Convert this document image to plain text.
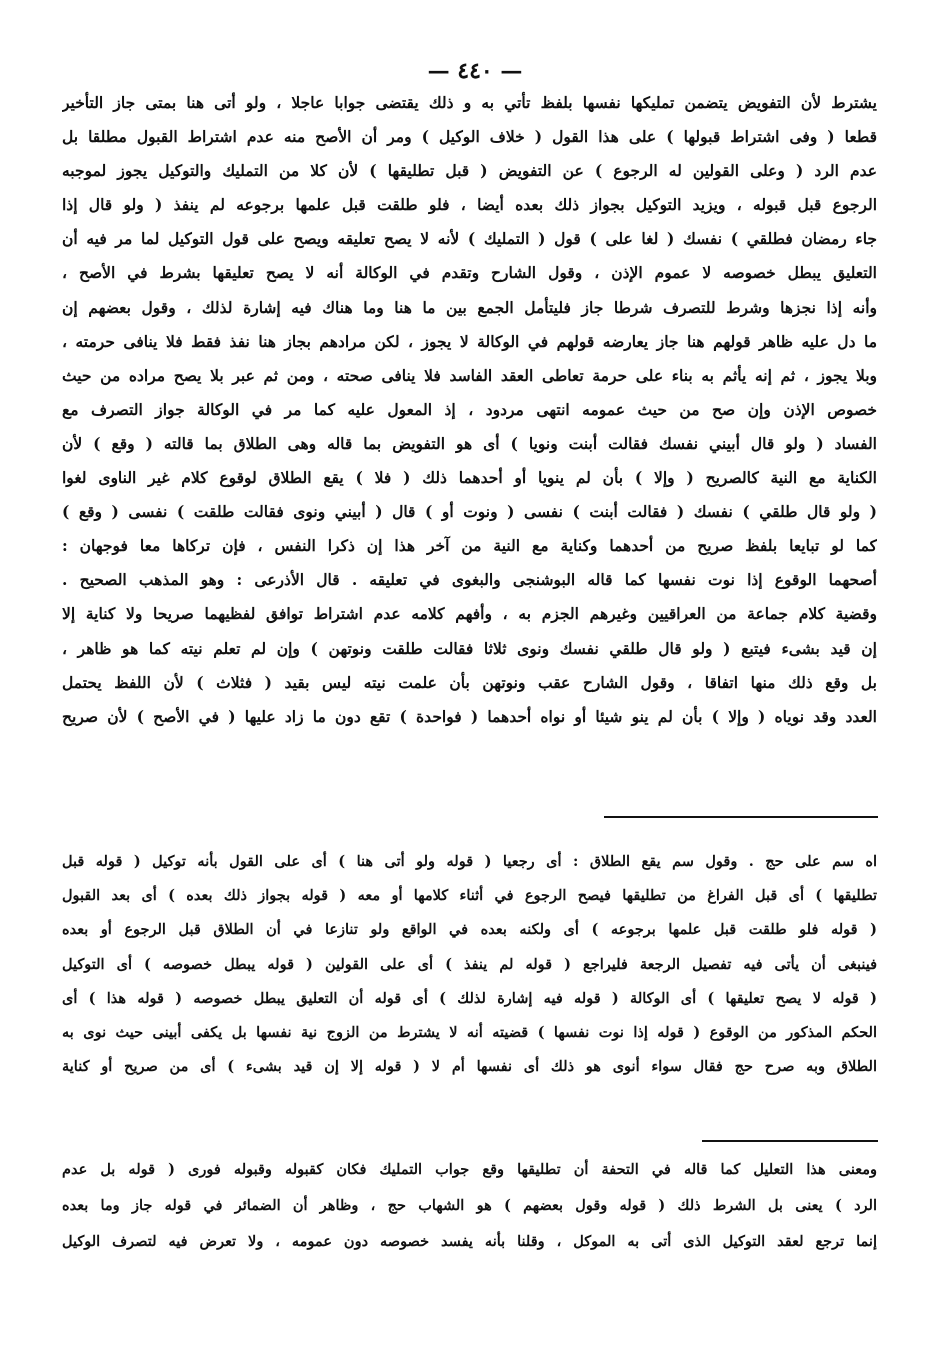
— ٤٤٠ —
يشترط لأن التفويض يتضمن تمليكها نفسها بلفظ تأتي به و ذلك يقتضى جوابا عاجلا ، ولو أتى هنا بمتى جاز التأخير
قطعا ( وفى اشتراط قبولها ) على هذا القول ( خلاف الوكيل ) ومر أن الأصح منه عدم اشتراط القبول مطلقا بل
عدم الرد ( وعلى القولين له الرجوع ) عن التفويض ( قبل تطليقها ) لأن كلا من التمليك والتوكيل يجوز لموجبه
الرجوع قبل قبوله ، ويزيد التوكيل بجواز ذلك بعده أيضا ، فلو طلقت قبل علمها برجوعه لم ينفذ ( ولو قال إذا
جاء رمضان فطلقي ) نفسك ( لغا على ) قول ( التمليك ) لأنه لا يصح تعليقه ويصح على قول التوكيل لما مر فيه أن
التعليق يبطل خصوصه لا عموم الإذن ، وقول الشارح وتقدم في الوكالة أنه لا يصح تعليقها بشرط في الأصح ،
وأنه إذا نجزها وشرط للتصرف شرطا جاز فليتأمل الجمع بين ما هنا وما هناك فيه إشارة لذلك ، وقول بعضهم إن
ما دل عليه ظاهر قولهم هنا جاز يعارضه قولهم في الوكالة لا يجوز ، لكن مرادهم بجاز هنا نفذ فقط فلا ينافى حرمته ،
وبلا يجوز ، ثم إنه يأثم به بناء على حرمة تعاطى العقد الفاسد فلا ينافى صحته ، ومن ثم عبر بلا يصح مراده من حيث
خصوص الإذن وإن صح من حيث عمومه انتهى مردود ، إذ المعول عليه كما مر في الوكالة جواز التصرف مع
الفساد ( ولو قال أبيني نفسك فقالت أبنت ونويا ) أى هو التفويض بما قاله وهى الطلاق بما قالته ( وقع ) لأن
الكناية مع النية كالصريح ( وإلا ) بأن لم ينويا أو أحدهما ذلك ( فلا ) يقع الطلاق لوقوع كلام غير الناوى لغوا
( ولو قال طلقي ) نفسك ( فقالت أبنت ) نفسى ( ونوت أو ) قال ( أبيني ونوى فقالت طلقت ) نفسى ( وقع )
كما لو تبايعا بلفظ صريح من أحدهما وكناية مع النية من آخر هذا إن ذكرا النفس ، فإن تركاها معا فوجهان :
أصحهما الوقوع إذا نوت نفسها كما قاله البوشنجى والبغوى في تعليقه . قال الأذرعى : وهو المذهب الصحيح .
وقضية كلام جماعة من العراقيين وغيرهم الجزم به ، وأفهم كلامه عدم اشتراط توافق لفظيهما صريحا ولا كناية إلا
إن قيد بشىء فيتبع ( ولو قال طلقي نفسك ونوى ثلاثا فقالت طلقت ونوتهن ) وإن لم تعلم نيته كما هو ظاهر ،
بل وقع ذلك منها اتفاقا ، وقول الشارح عقب ونوتهن بأن علمت نيته ليس بقيد ( فثلاث ) لأن اللفظ يحتمل
العدد وقد نوياه ( وإلا ) بأن لم ينو شيئا أو نواه أحدهما ( فواحدة ) تقع دون ما زاد عليها ( في الأصح ) لأن صريح
اه سم على حج . وقول سم يقع الطلاق : أى رجعيا ( قوله ولو أتى هنا ) أى على القول بأنه توكيل ( قوله قبل
تطليقها ) أى قبل الفراغ من تطليقها فيصح الرجوع في أثناء كلامها أو معه ( قوله بجواز ذلك بعده ) أى بعد القبول
( قوله فلو طلقت قبل علمها برجوعه ) أى ولكنه بعده في الواقع ولو تنازعا في أن الطلاق قبل الرجوع أو بعده
فينبغى أن يأتى فيه تفصيل الرجعة فليراجع ( قوله لم ينفذ ) أى على القولين ( قوله يبطل خصوصه ) أى التوكيل
( قوله لا يصح تعليقها ) أى الوكالة ( قوله فيه إشارة لذلك ) أى قوله أن التعليق يبطل خصوصه ( قوله هذا ) أى
الحكم المذكور من الوقوع ( قوله إذا نوت نفسها ) قضيته أنه لا يشترط من الزوج نية نفسها بل يكفى أبينى حيث نوى به
الطلاق وبه صرح حج فقال سواء أنوى هو ذلك أى نفسها أم لا ( قوله إلا إن قيد بشىء ) أى من صريح أو كناية
ومعنى هذا التعليل كما قاله في التحفة أن تطليقها وقع جواب التمليك فكان كقبوله وقبوله فورى ( قوله بل عدم
الرد ) يعنى بل الشرط ذلك ( قوله وقول بعضهم ) هو الشهاب حج ، وظاهر أن الضمائر في قوله جاز وما بعده
إنما ترجع لعقد التوكيل الذى أتى به الموكل ، وقلنا بأنه يفسد خصوصه دون عمومه ، ولا تعرض فيه لتصرف الوكيل
